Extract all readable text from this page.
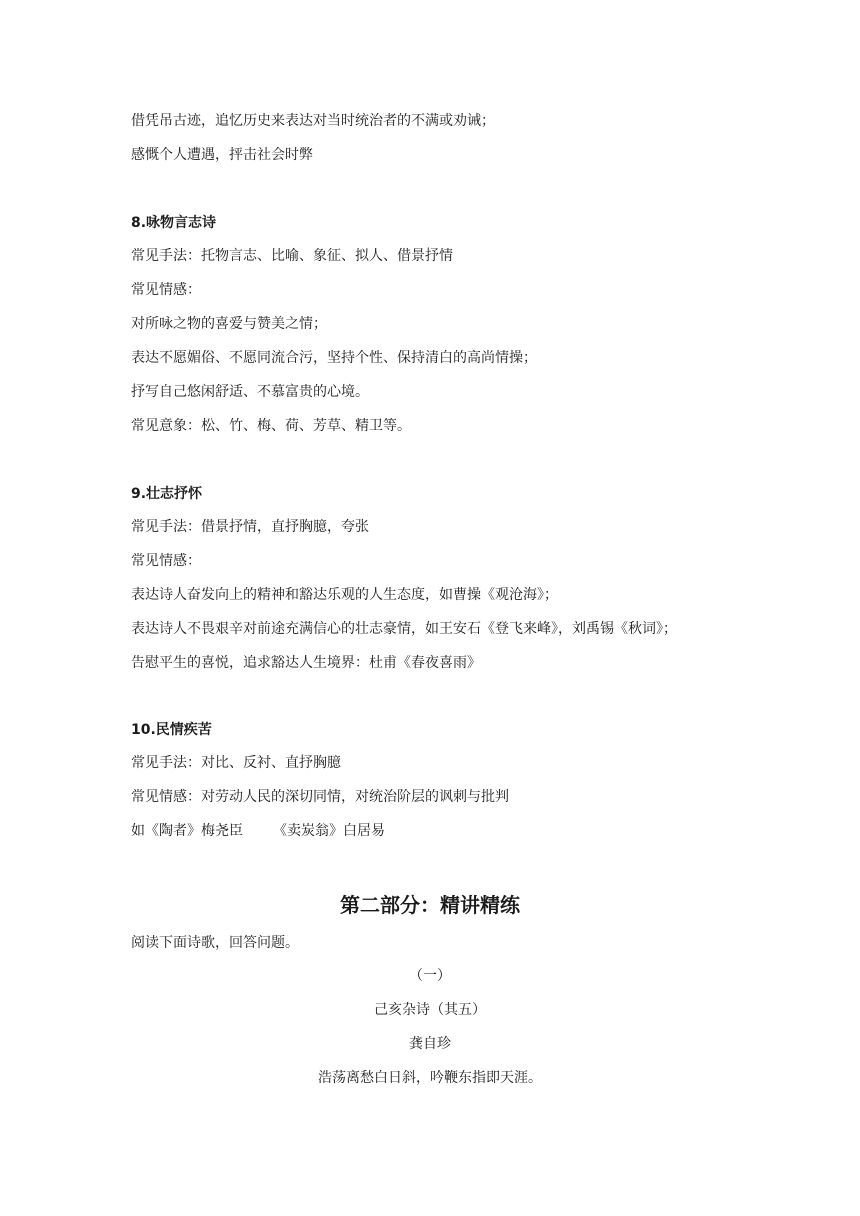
借凭吊古迹，追忆历史来表达对当时统治者的不满或劝诫；
感慨个人遭遇，抨击社会时弊
8.咏物言志诗
常见手法：托物言志、比喻、象征、拟人、借景抒情
常见情感：
对所咏之物的喜爱与赞美之情；
表达不愿媚俗、不愿同流合污，坚持个性、保持清白的高尚情操；
抒写自己悠闲舒适、不慕富贵的心境。
常见意象：松、竹、梅、荷、芳草、精卫等。
9.壮志抒怀
常见手法：借景抒情，直抒胸臆，夸张
常见情感：
表达诗人奋发向上的精神和豁达乐观的人生态度，如曹操《观沧海》；
表达诗人不畏艰辛对前途充满信心的壮志豪情，如王安石《登飞来峰》，刘禹锡《秋词》；
告慰平生的喜悦，追求豁达人生境界：杜甫《春夜喜雨》
10.民情疾苦
常见手法：对比、反衬、直抒胸臆
常见情感：对劳动人民的深切同情，对统治阶层的讽刺与批判
如《陶者》梅尧臣 《卖炭翁》白居易
第二部分：精讲精练
阅读下面诗歌，回答问题。
（一）
己亥杂诗（其五）
龚自珍
浩荡离愁白日斜，吟鞭东指即天涯。
